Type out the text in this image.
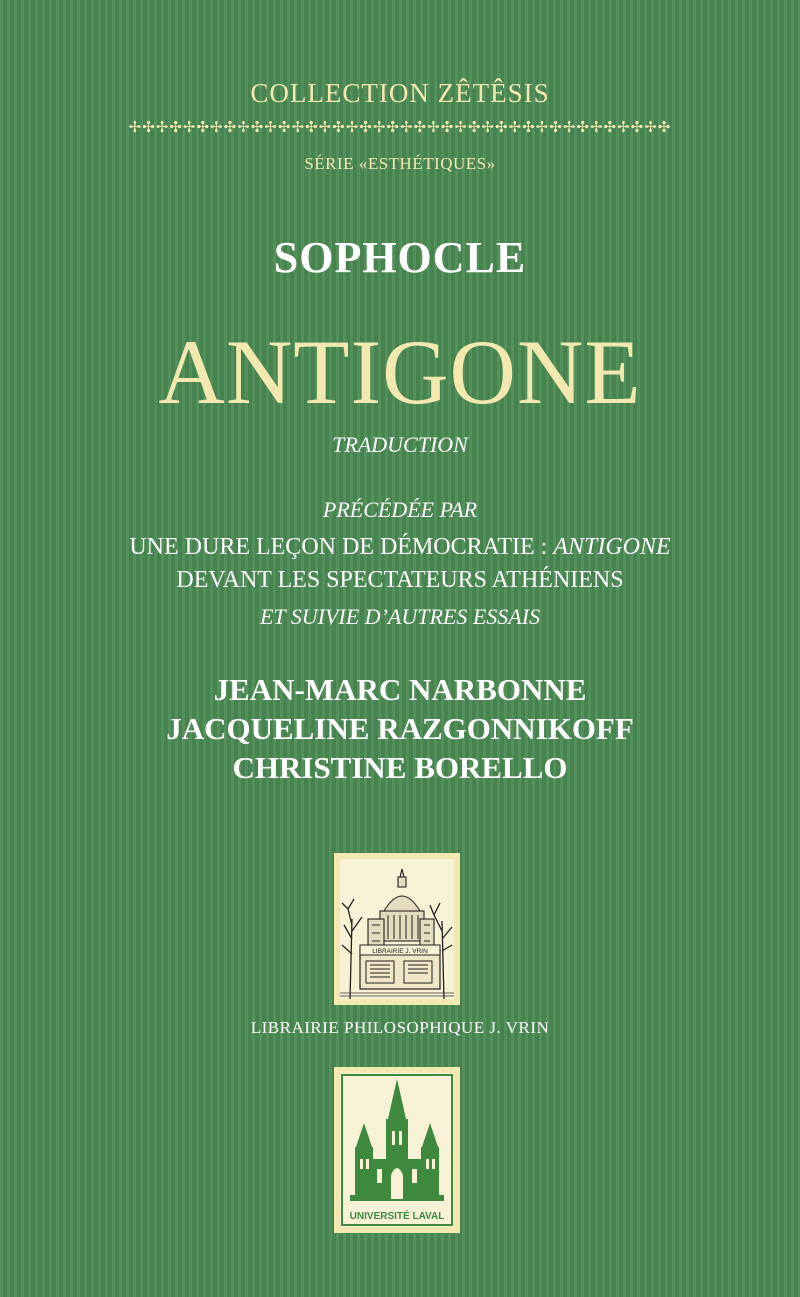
COLLECTION ZÊTÊSIS
✢✣✢✣✢✣✢✣✢✣✢✣✢✣✢✣✢✣✢✣✢✣✢✣✢✣✢✣✢✣✢✣✢✣✢✣✢✣✢✣
SÉRIE «ESTHÉTIQUES»
SOPHOCLE
ANTIGONE
TRADUCTION
PRÉCÉDÉE PAR
UNE DURE LEÇON DE DÉMOCRATIE : ANTIGONE
DEVANT LES SPECTATEURS ATHÉNIENS
ET SUIVIE D’AUTRES ESSAIS
JEAN-MARC NARBONNE
JACQUELINE RAZGONNIKOFF
CHRISTINE BORELLO
LIBRAIRIE J. VRIN
LIBRAIRIE PHILOSOPHIQUE J. VRIN
UNIVERSITÉ LAVAL
